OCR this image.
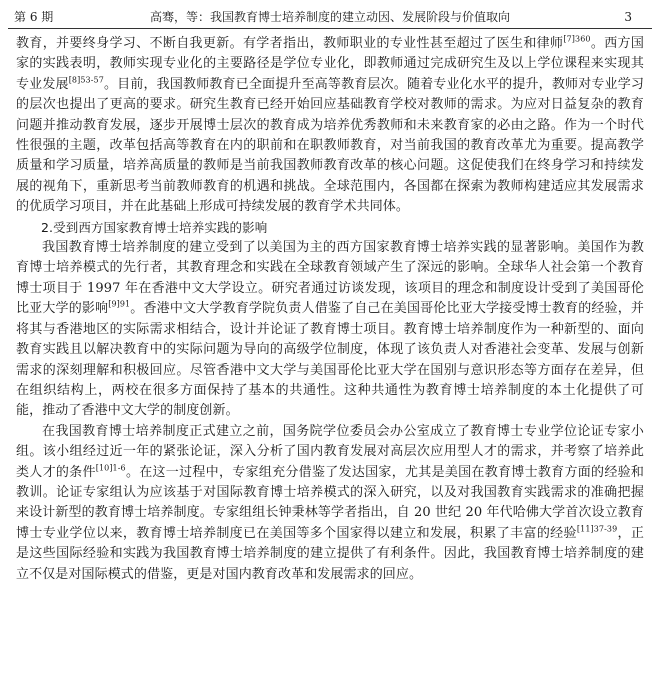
第 6 期	高骞，等：我国教育博士培养制度的建立动因、发展阶段与价值取向	3

教育，并要终身学习、不断自我更新。有学者指出，教师职业的专业性甚至超过了医生和律师$^{[7]360}$。西方国家的实践表明，教师实现专业化的主要路径是学位专业化，即教师通过完成研究生及以上学位课程来实现其专业发展$^{[8]53-57}$。目前，我国教师教育已全面提升至高等教育层次。随着专业化水平的提升，教师对专业学习的层次也提出了更高的要求。研究生教育已经开始回应基础教育学校对教师的需求。为应对日益复杂的教育问题并推动教育发展，逐步开展博士层次的教育成为培养优秀教师和未来教育家的必由之路。作为一个时代性很强的主题，改革包括高等教育在内的职前和在职教师教育，对当前我国的教育改革尤为重要。提高教学质量和学习质量，培养高质量的教师是当前我国教师教育改革的核心问题。这促使我们在终身学习和持续发展的视角下，重新思考当前教师教育的机遇和挑战。全球范围内，各国都在探索为教师构建适应其发展需求的优质学习项目，并在此基础上形成可持续发展的教育学术共同体。

2.受到西方国家教育博士培养实践的影响

我国教育博士培养制度的建立受到了以美国为主的西方国家教育博士培养实践的显著影响。美国作为教育博士培养模式的先行者，其教育理念和实践在全球教育领域产生了深远的影响。全球华人社会第一个教育博士项目于 1997 年在香港中文大学设立。研究者通过访谈发现，该项目的理念和制度设计受到了美国哥伦比亚大学的影响$^{[9]91}$。香港中文大学教育学院负责人借鉴了自己在美国哥伦比亚大学接受博士教育的经验，并将其与香港地区的实际需求相结合，设计并论证了教育博士项目。教育博士培养制度作为一种新型的、面向教育实践且以解决教育中的实际问题为导向的高级学位制度，体现了该负责人对香港社会变革、发展与创新需求的深刻理解和积极回应。尽管香港中文大学与美国哥伦比亚大学在国别与意识形态等方面存在差异，但在组织结构上，两校在很多方面保持了基本的共通性。这种共通性为教育博士培养制度的本土化提供了可能，推动了香港中文大学的制度创新。

在我国教育博士培养制度正式建立之前，国务院学位委员会办公室成立了教育博士专业学位论证专家小组。该小组经过近一年的紧张论证，深入分析了国内教育发展对高层次应用型人才的需求，并考察了培养此类人才的条件$^{[10]1-6}$。在这一过程中，专家组充分借鉴了发达国家，尤其是美国在教育博士教育方面的经验和教训。论证专家组认为应该基于对国际教育博士培养模式的深入研究，以及对我国教育实践需求的准确把握来设计新型的教育博士培养制度。专家组组长钟秉林等学者指出，自 20 世纪 20 年代哈佛大学首次设立教育博士专业学位以来，教育博士培养制度已在美国等多个国家得以建立和发展，积累了丰富的经验$^{[11]37-39}$，正是这些国际经验和实践为我国教育博士培养制度的建立提供了有利条件。因此，我国教育博士培养制度的建立不仅是对国际模式的借鉴，更是对国内教育改革和发展需求的回应。
